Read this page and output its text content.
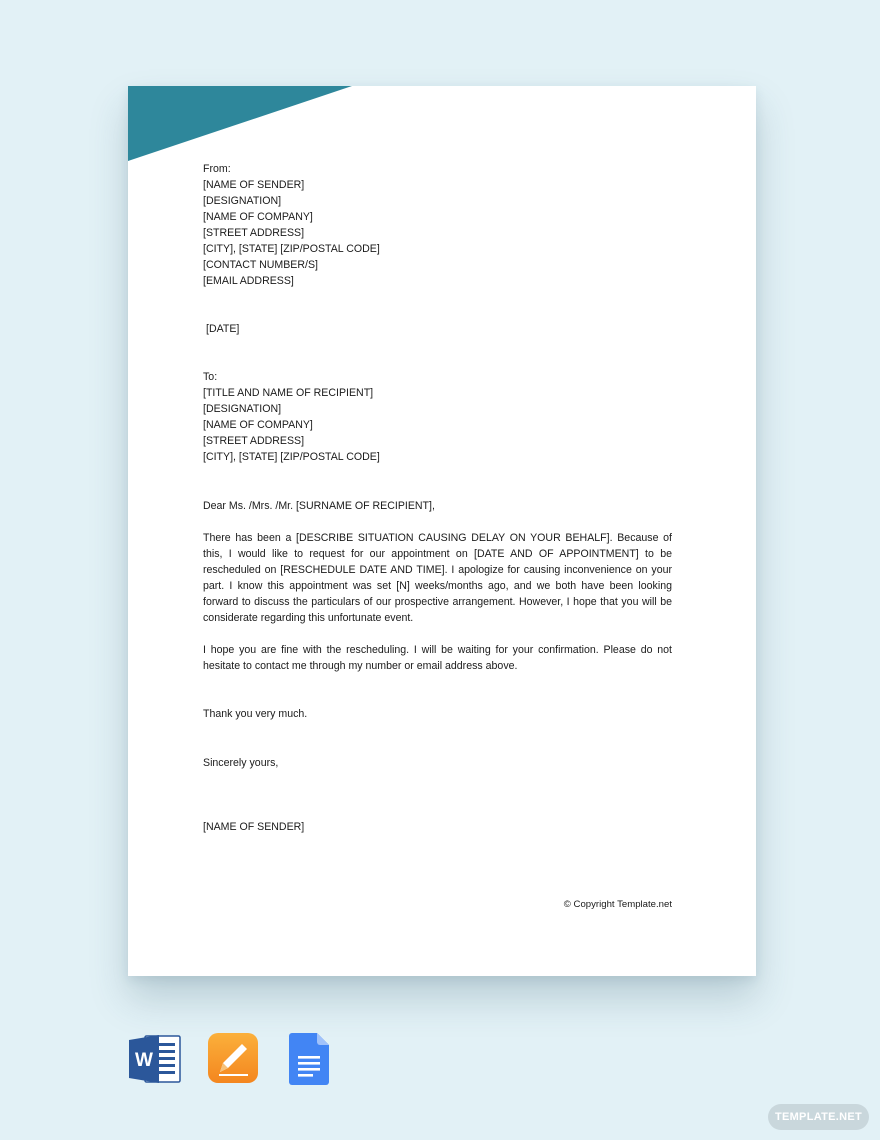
From:
[NAME OF SENDER]
[DESIGNATION]
[NAME OF COMPANY]
[STREET ADDRESS]
[CITY], [STATE] [ZIP/POSTAL CODE]
[CONTACT NUMBER/S]
[EMAIL ADDRESS]
[DATE]
To:
[TITLE AND NAME OF RECIPIENT]
[DESIGNATION]
[NAME OF COMPANY]
[STREET ADDRESS]
[CITY], [STATE] [ZIP/POSTAL CODE]
Dear Ms. /Mrs. /Mr. [SURNAME OF RECIPIENT],
There has been a [DESCRIBE SITUATION CAUSING DELAY ON YOUR BEHALF]. Because of this, I would like to request for our appointment on [DATE AND OF APPOINTMENT] to be rescheduled on [RESCHEDULE DATE AND TIME]. I apologize for causing inconvenience on your part. I know this appointment was set [N] weeks/months ago, and we both have been looking forward to discuss the particulars of our prospective arrangement. However, I hope that you will be considerate regarding this unfortunate event.
I hope you are fine with the rescheduling. I will be waiting for your confirmation. Please do not hesitate to contact me through my number or email address above.
Thank you very much.
Sincerely yours,
[NAME OF SENDER]
© Copyright Template.net
W
TEMPLATE.NET
